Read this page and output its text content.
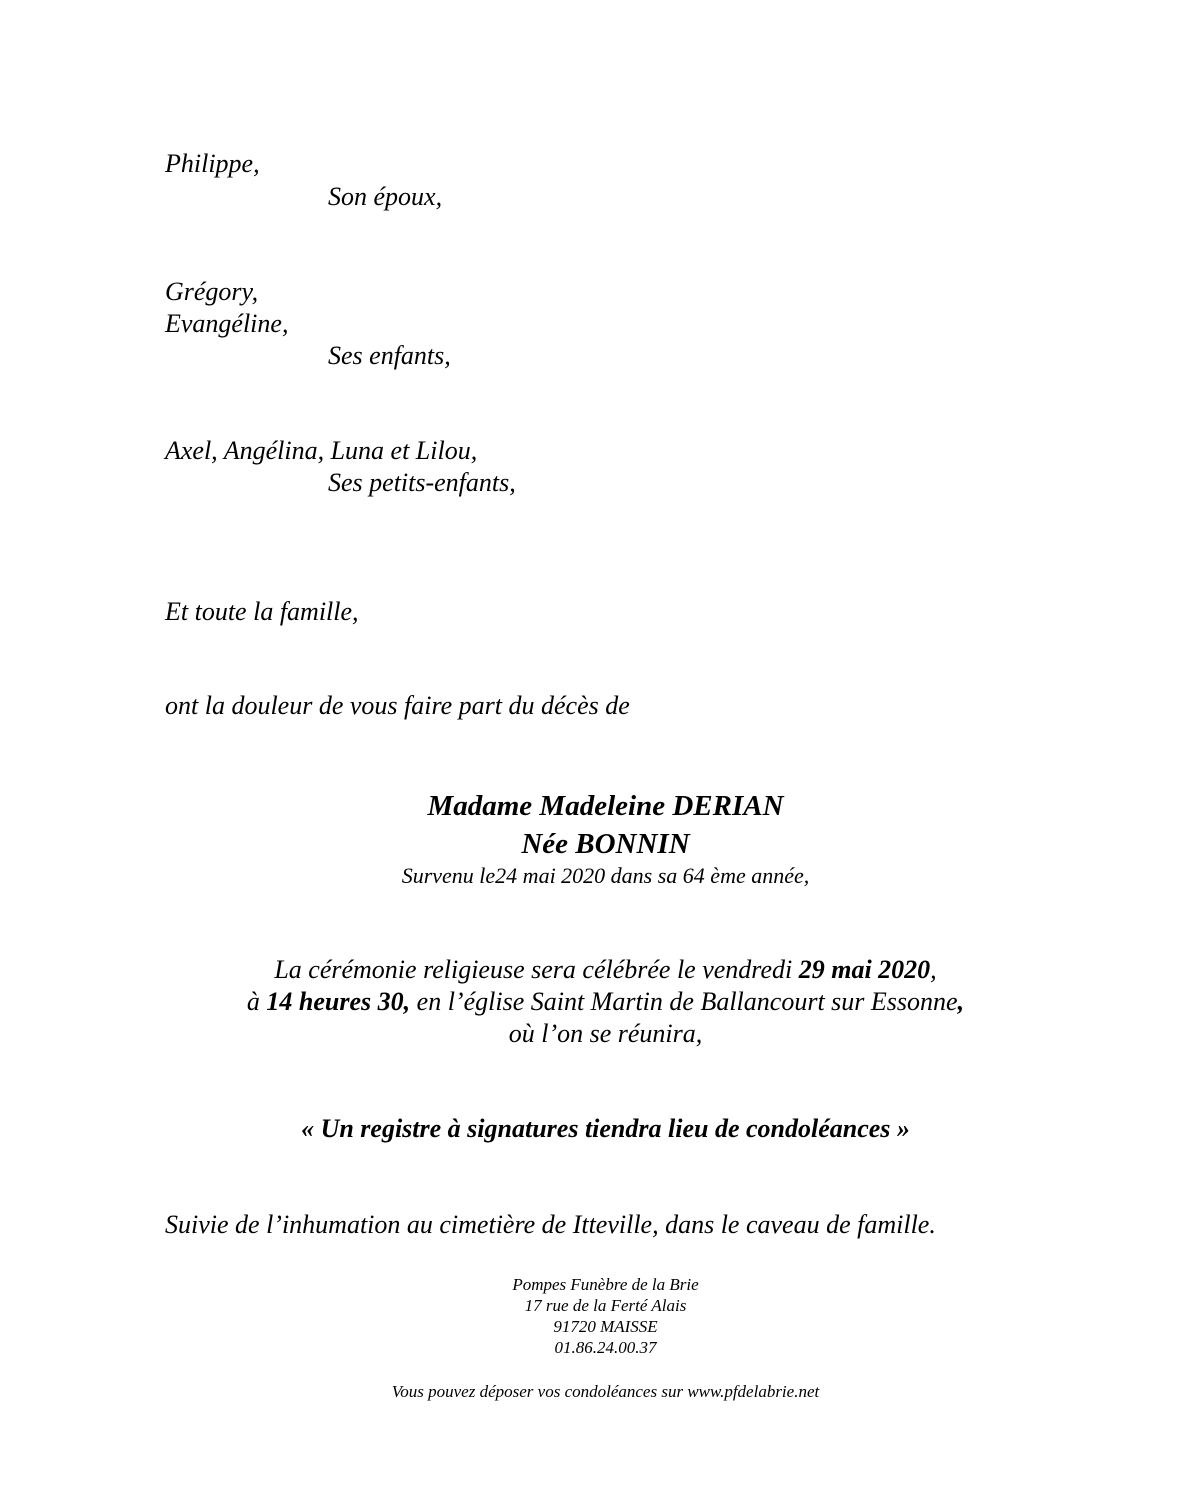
Philippe,
Son époux,
Grégory,
Evangéline,
Ses enfants,
Axel, Angélina, Luna et Lilou,
Ses petits-enfants,
Et toute la famille,
ont la douleur de vous faire part du décès de
Madame Madeleine DERIAN
Née BONNIN
Survenu le24 mai 2020 dans sa 64 ème année,
La cérémonie religieuse sera célébrée le vendredi 29 mai 2020,
à 14 heures 30, en l’église Saint Martin de Ballancourt sur Essonne,
où l’on se réunira,
« Un registre à signatures tiendra lieu de condoléances »
Suivie de l’inhumation au cimetière de Itteville, dans le caveau de famille.
Pompes Funèbre de la Brie
17 rue de la Ferté Alais
91720 MAISSE
01.86.24.00.37
Vous pouvez déposer vos condoléances sur www.pfdelabrie.net
